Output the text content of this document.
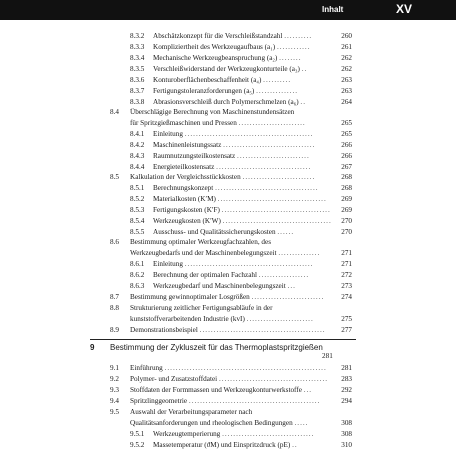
Inhalt	XV
8.3.2 Abschätzkonzept für die Verschleißstandzahl ..........	260
8.3.3 Kompliziertheit des Werkzeugaufbaus (a₁) ............	261
8.3.4 Mechanische Werkzeugbeanspruchung (a₂) ........	262
8.3.5 Verschleißwiderstand der Werkzeugkonturteile (a₃) ..	262
8.3.6 Konturoberflächenbeschaffenheit (a₄) ..........	263
8.3.7 Fertigungstoleranzforderungen (a₅) ...............	263
8.3.8 Abrasionsverschleiß durch Polymerschmelzen (a₆) ..	264
8.4 Überschlägige Berechnung von Maschinenstundensätzen
für Spritzgießmaschinen und Pressen ........................	265
8.4.1 Einleitung ..............................................	265
8.4.2 Maschinenleistungssatz .................................	266
8.4.3 Raumnutzungsteilkostensatz ..........................	266
8.4.4 Energieteilkostensatz ..................................	267
8.5 Kalkulation der Vergleichsstückkosten ..........................	268
8.5.1 Berechnungskonzept .....................................	268
8.5.2 Materialkosten (K′M) .......................................	269
8.5.3 Fertigungskosten (K′F) .......................................	269
8.5.4 Werkzeugkosten (K′W) .......................................	270
8.5.5 Ausschuss- und Qualitätssicherungskosten ......	270
8.6 Bestimmung optimaler Werkzeugfachzahlen, des
Werkzeugbedarfs und der Maschinenbelegungszeit ...............	271
8.6.1 Einleitung ..............................................	271
8.6.2 Berechnung der optimalen Fachzahl ..................	272
8.6.3 Werkzeugbedarf und Maschinenbelegungszeit ...	273
8.7 Bestimmung gewinnoptimaler Losgrößen ..........................	274
8.8 Strukturierung zeitlicher Fertigungsabläufe in der
kunststoffverarbeitenden Industrie (kvI) ........................	275
8.9 Demonstrationsbeispiel .............................................	277
9 Bestimmung der Zykluszeit für das Thermoplastspritzgießen
281
9.1 Einführung ..........................................................	281
9.2 Polymer- und Zusatzstoffdatei .......................................	283
9.3 Stoffdaten der Formmassen und Werkzeugkonturwerkstoffe ...	292
9.4 Spritzlinggeometrie ...............................................	294
9.5 Auswahl der Verarbeitungsparameter nach
Qualitätsanforderungen und rheologischen Bedingungen .....	308
9.5.1 Werkzeugtemperierung .................................	308
9.5.2 Massetemperatur (ϑM) und Einspritzdruck (pE) ..	310
